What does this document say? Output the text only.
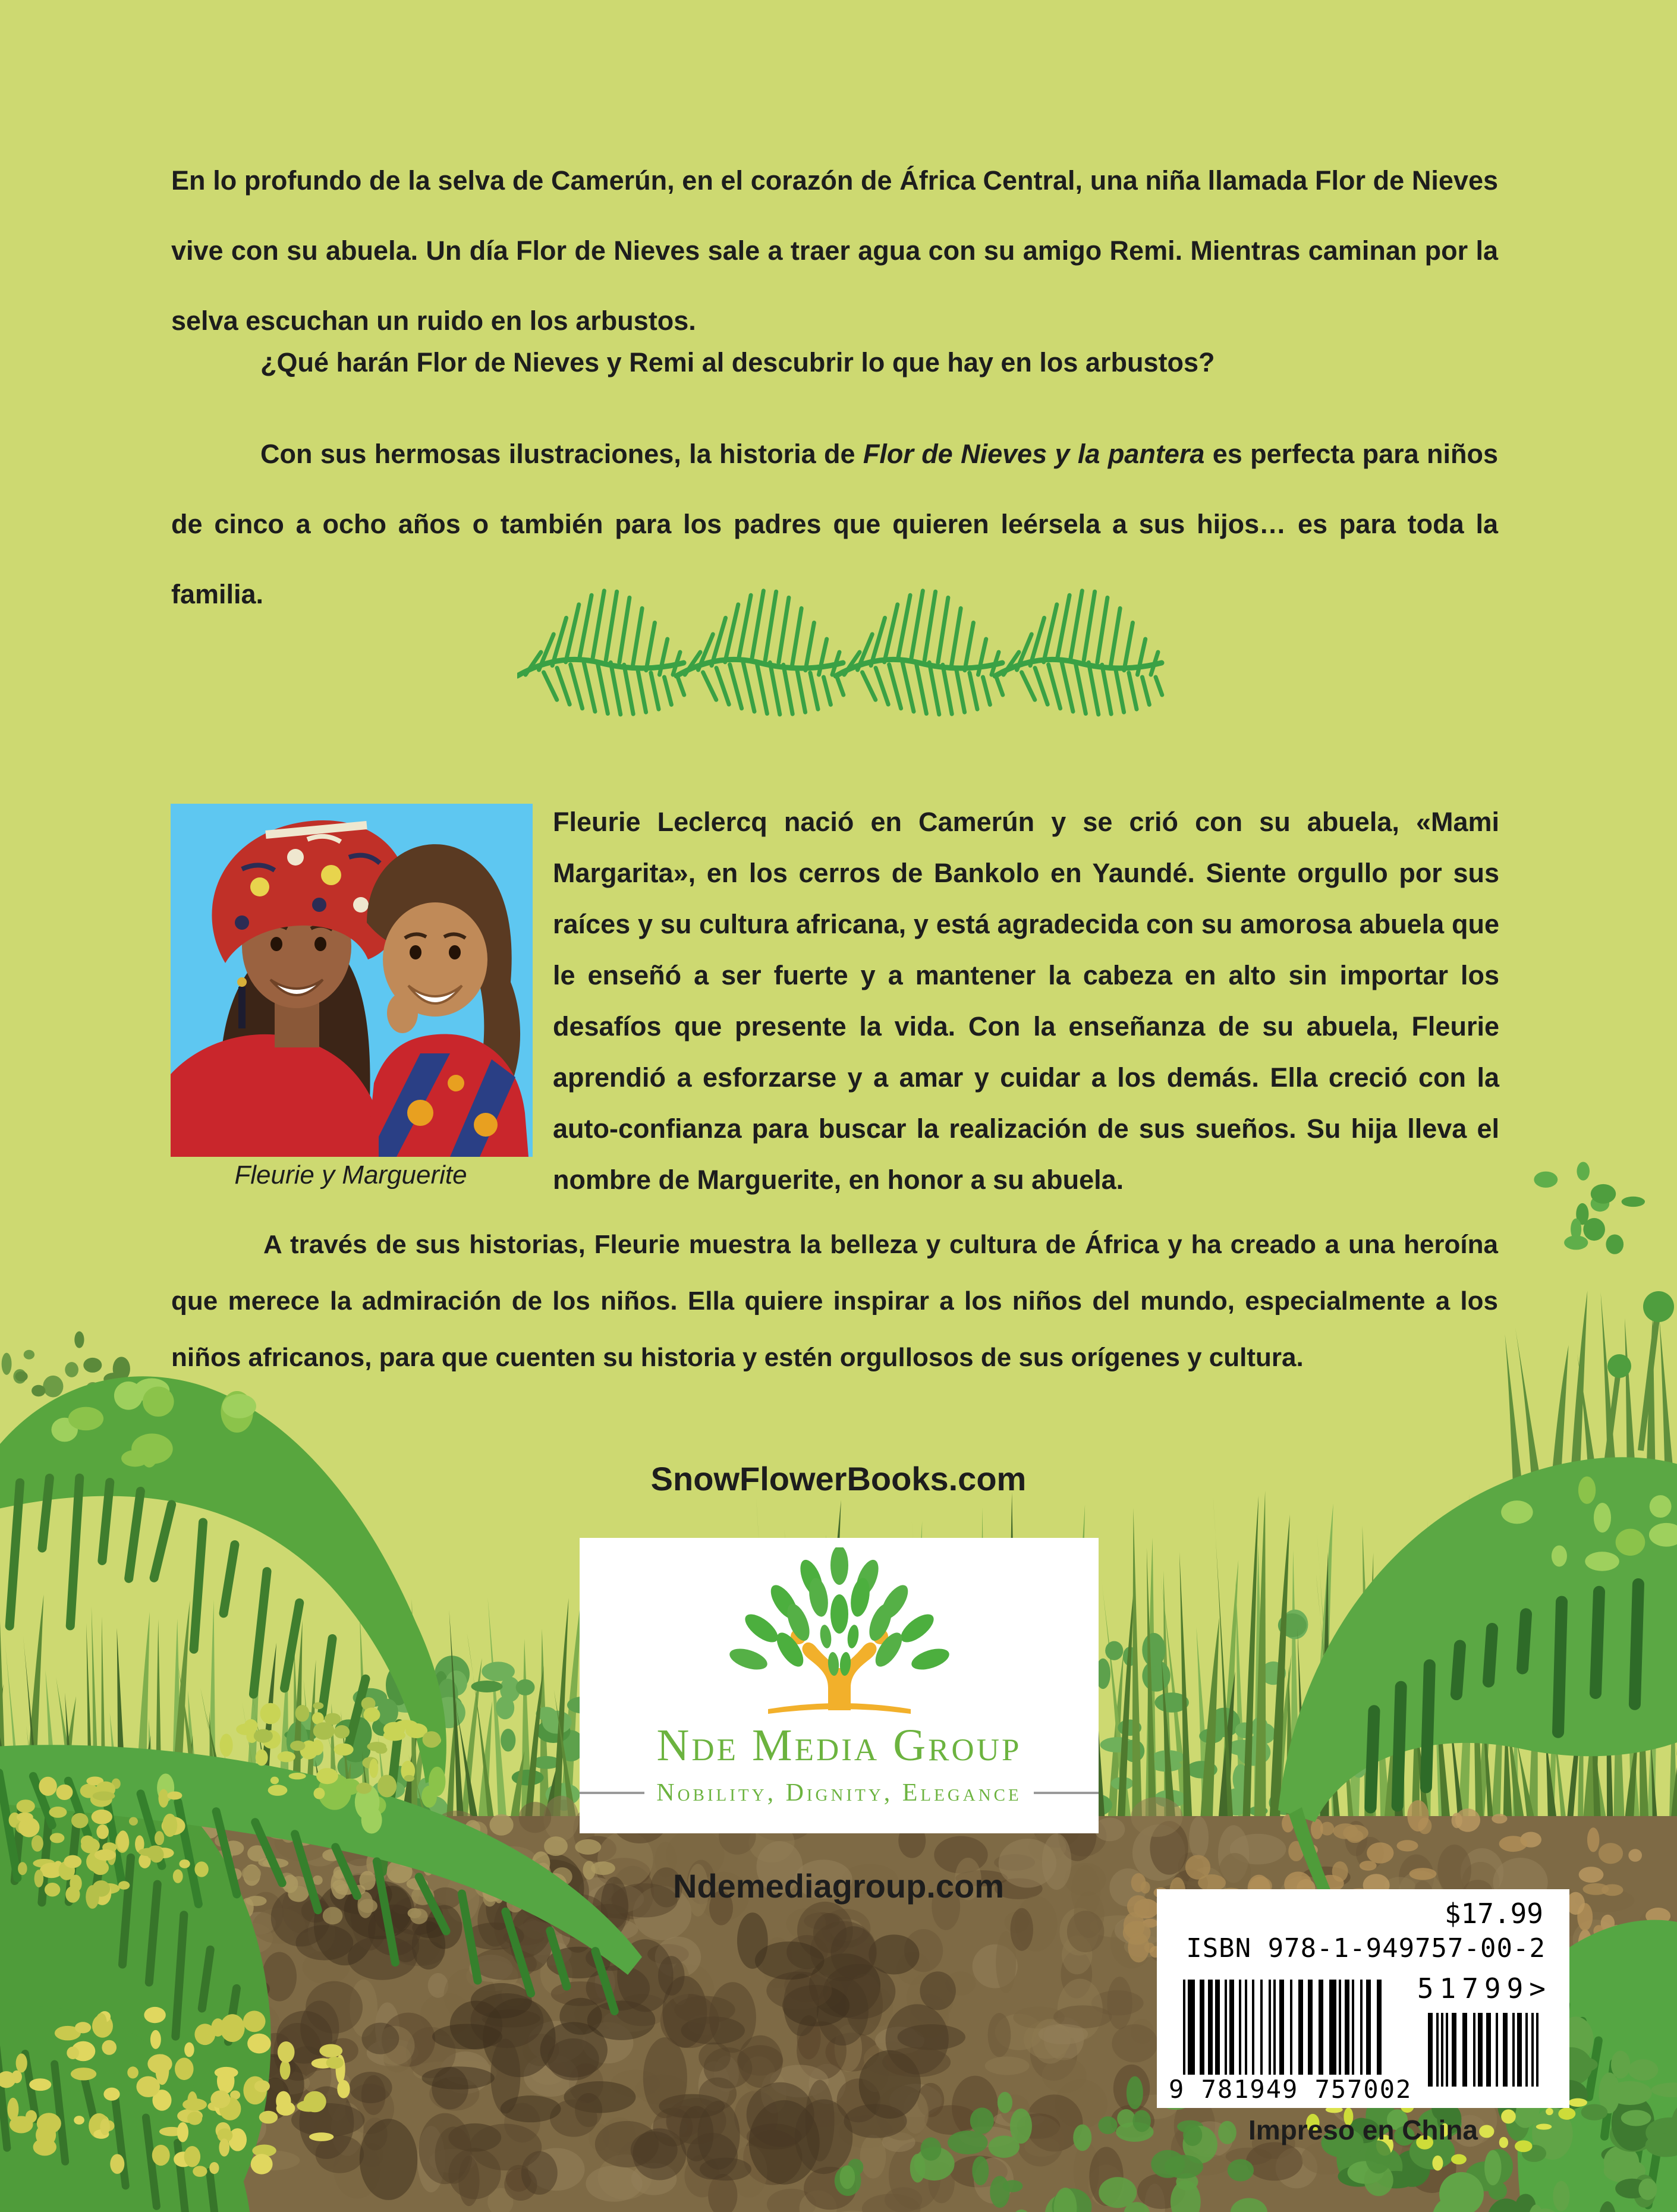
En lo profundo de la selva de Camerún, en el corazón de África Central, una niña llamada Flor de Nieves vive con su abuela. Un día Flor de Nieves sale a traer agua con su amigo Remi. Mientras caminan por la selva escuchan un ruido en los arbustos.

¿Qué harán Flor de Nieves y Remi al descubrir lo que hay en los arbustos?

Con sus hermosas ilustraciones, la historia de Flor de Nieves y la pantera es perfecta para niños de cinco a ocho años o también para los padres que quieren leérsela a sus hijos… es para toda la familia.

Fleurie y Marguerite

Fleurie Leclercq nació en Camerún y se crió con su abuela, «Mami Margarita», en los cerros de Bankolo en Yaundé. Siente orgullo por sus raíces y su cultura africana, y está agradecida con su amorosa abuela que le enseñó a ser fuerte y a mantener la cabeza en alto sin importar los desafíos que presente la vida. Con la enseñanza de su abuela, Fleurie aprendió a esforzarse y a amar y cuidar a los demás. Ella creció con la auto-confianza para buscar la realización de sus sueños. Su hija lleva el nombre de Marguerite, en honor a su abuela.

A través de sus historias, Fleurie muestra la belleza y cultura de África y ha creado a una heroína que merece la admiración de los niños. Ella quiere inspirar a los niños del mundo, especialmente a los niños africanos, para que cuenten su historia y estén orgullosos de sus orígenes y cultura.

SnowFlowerBooks.com
Nde Media Group
Nobility, Dignity, Elegance
Ndemediagroup.com
$17.99
ISBN 978-1-949757-00-2
51799>
9 781949 757002
Impreso en China
